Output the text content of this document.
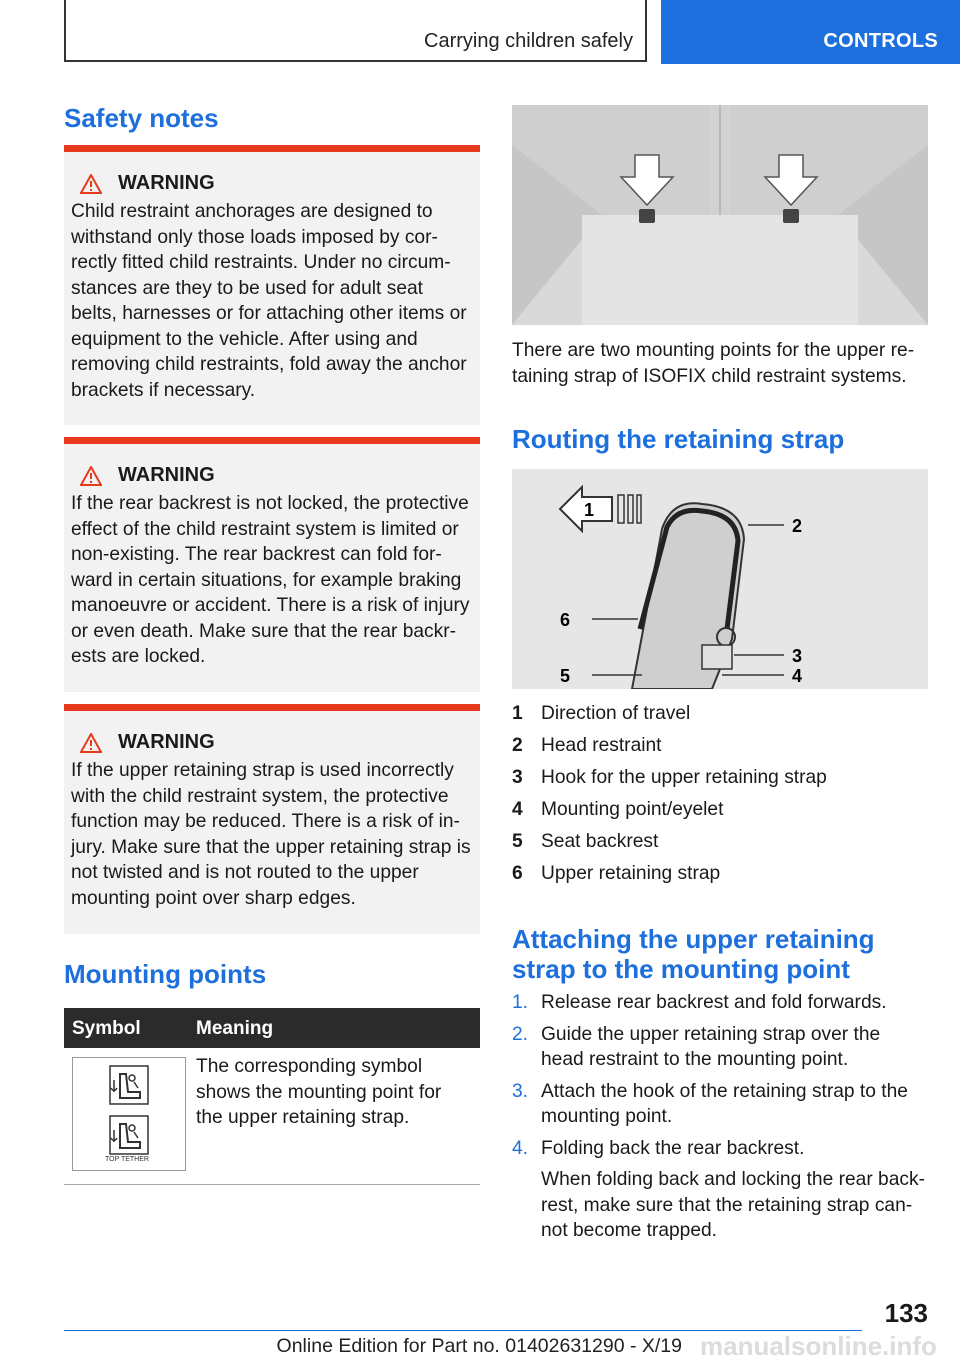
Carrying children safely	CONTROLS
Safety notes
WARNING

Child restraint anchorages are designed to withstand only those loads imposed by correctly fitted child restraints. Under no circumstances are they to be used for adult seat belts, harnesses or for attaching other items or equipment to the vehicle. After using and removing child restraints, fold away the anchor brackets if necessary.

WARNING

If the rear backrest is not locked, the protective effect of the child restraint system is limited or non-existing. The rear backrest can fold forward in certain situations, for example braking manoeuvre or accident. There is a risk of injury or even death. Make sure that the rear backrests are locked.

WARNING

If the upper retaining strap is used incorrectly with the child restraint system, the protective function may be reduced. There is a risk of injury. Make sure that the upper retaining strap is not twisted and is not routed to the upper mounting point over sharp edges.

Mounting points
Symbol	Meaning
TOP TETHER
The corresponding symbol shows the mounting point for the upper retaining strap.

There are two mounting points for the upper retaining strap of ISOFIX child restraint systems.

Routing the retaining strap
1
2
6
3
4
5
1 Direction of travel
2 Head restraint
3 Hook for the upper retaining strap
4 Mounting point/eyelet
5 Seat backrest
6 Upper retaining strap
Attaching the upper retaining strap to the mounting point
1. Release rear backrest and fold forwards.
2. Guide the upper retaining strap over the head restraint to the mounting point.
3. Attach the hook of the retaining strap to the mounting point.
4. Folding back the rear backrest.
When folding back and locking the rear backrest, make sure that the retaining strap cannot become trapped.
133
manualsonline.info
Online Edition for Part no. 01402631290 - X/19
